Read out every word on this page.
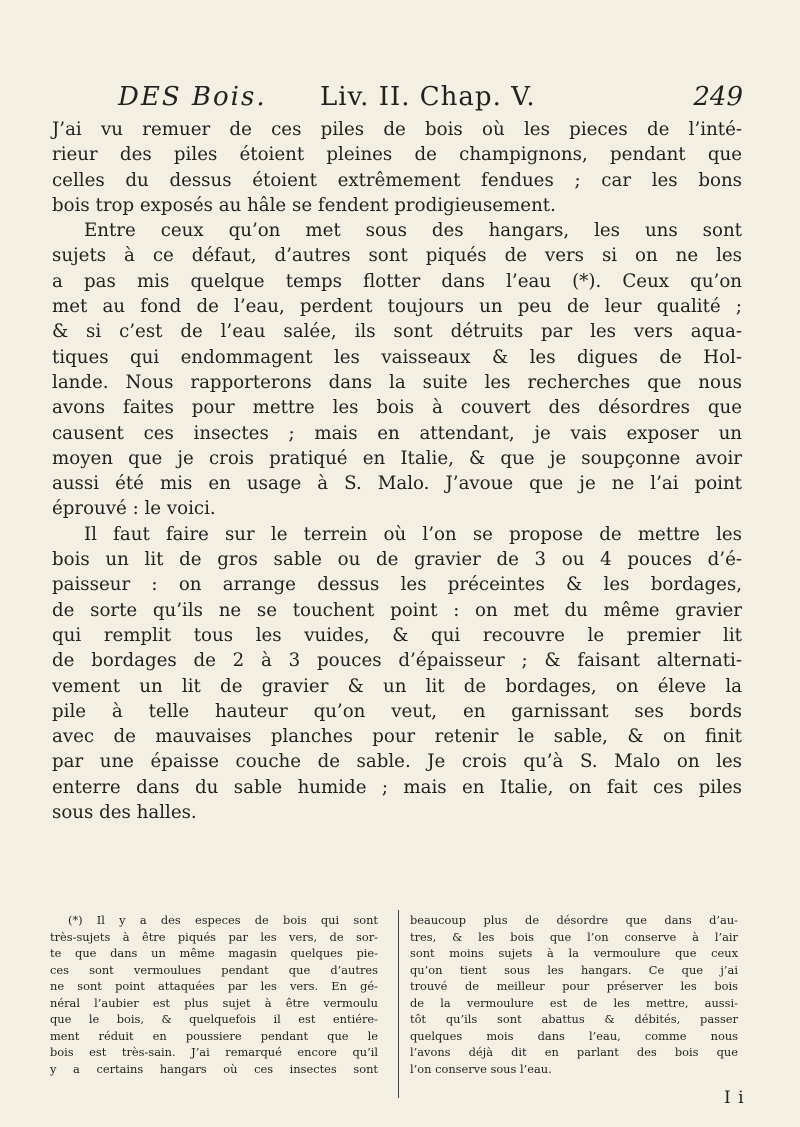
DES Bois. Liv. II. Chap. V.	249
J’ai vu remuer de ces piles de bois où les pieces de l’inté-
rieur des piles étoient pleines de champignons, pendant que
celles du dessus étoient extrêmement fendues ; car les bons
bois trop exposés au hâle se fendent prodigieusement.
Entre ceux qu’on met sous des hangars, les uns sont
sujets à ce défaut, d’autres sont piqués de vers si on ne les
a pas mis quelque temps flotter dans l’eau (*). Ceux qu’on
met au fond de l’eau, perdent toujours un peu de leur qualité ;
& si c’est de l’eau salée, ils sont détruits par les vers aqua-
tiques qui endommagent les vaisseaux & les digues de Hol-
lande. Nous rapporterons dans la suite les recherches que nous
avons faites pour mettre les bois à couvert des désordres que
causent ces insectes ; mais en attendant, je vais exposer un
moyen que je crois pratiqué en Italie, & que je soupçonne avoir
aussi été mis en usage à S. Malo. J’avoue que je ne l’ai point
éprouvé : le voici.
Il faut faire sur le terrein où l’on se propose de mettre les
bois un lit de gros sable ou de gravier de 3 ou 4 pouces d’é-
paisseur : on arrange dessus les préceintes & les bordages,
de sorte qu’ils ne se touchent point : on met du même gravier
qui remplit tous les vuides, & qui recouvre le premier lit
de bordages de 2 à 3 pouces d’épaisseur ; & faisant alternati-
vement un lit de gravier & un lit de bordages, on éleve la
pile à telle hauteur qu’on veut, en garnissant ses bords
avec de mauvaises planches pour retenir le sable, & on finit
par une épaisse couche de sable. Je crois qu’à S. Malo on les
enterre dans du sable humide ; mais en Italie, on fait ces piles
sous des halles.
(*) Il y a des especes de bois qui sont
très-sujets à être piqués par les vers, de sor-
te que dans un même magasin quelques pie-
ces sont vermoulues pendant que d’autres
ne sont point attaquées par les vers. En gé-
néral l’aubier est plus sujet à être vermoulu
que le bois, & quelquefois il est entiére-
ment réduit en poussiere pendant que le
bois est très-sain. J’ai remarqué encore qu’il
y a certains hangars où ces insectes sont
beaucoup plus de désordre que dans d’au-
tres, & les bois que l’on conserve à l’air
sont moins sujets à la vermoulure que ceux
qu’on tient sous les hangars. Ce que j’ai
trouvé de meilleur pour préserver les bois
de la vermoulure est de les mettre, aussi-
tôt qu’ils sont abattus & débités, passer
quelques mois dans l’eau, comme nous
l’avons déjà dit en parlant des bois que
l’on conserve sous l’eau.
I i
